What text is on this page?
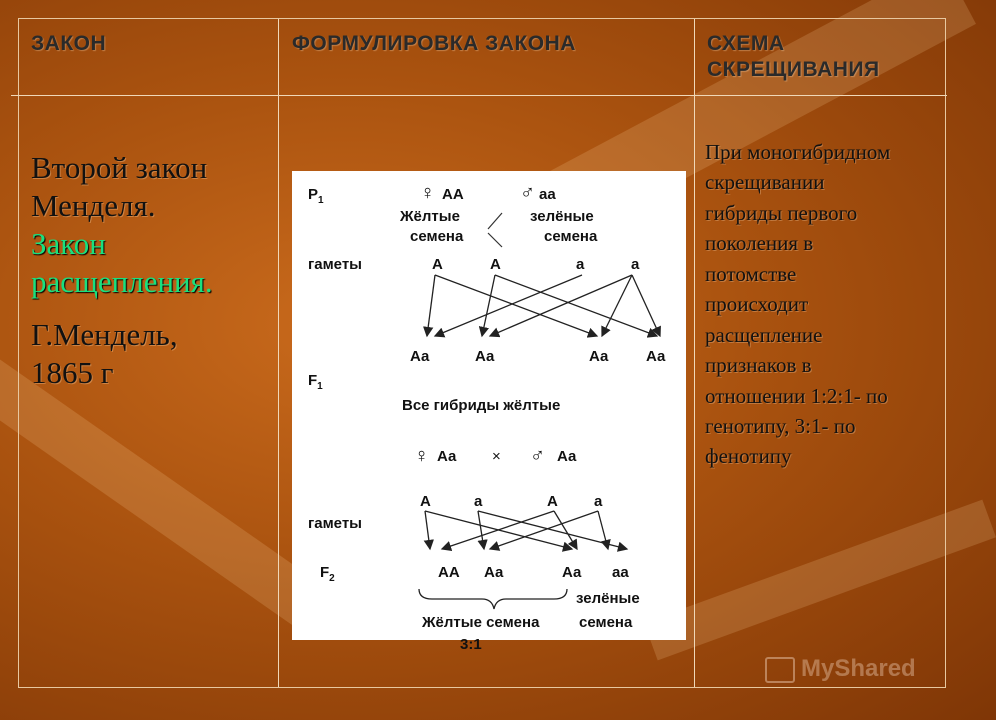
ЗАКОН	ФОРМУЛИРОВКА ЗАКОНА	СХЕМА
СКРЕЩИВАНИЯ
Второй закон
Менделя.
Закон
расщепления.
Г.Мендель,
1865 г
$P_1$	♀ АА	♂ аа
Жёлтые
семена
зелёные
семена
гаметы	А	А	а	а
Аа	Аа	Аа	Аа
$F_1$
Все гибриды жёлтые
♀ Аа × ♂ Аа
А	а	А а
гаметы
$F_2$	АА Аа	Аа аа
зелёные
Жёлтые семена	семена
3:1
При моногибридном
скрещивании
гибриды первого
поколения в
потомстве
происходит
расщепление
признаков в
отношении 1:2:1- по
генотипу, 3:1- по
фенотипу
MyShared
